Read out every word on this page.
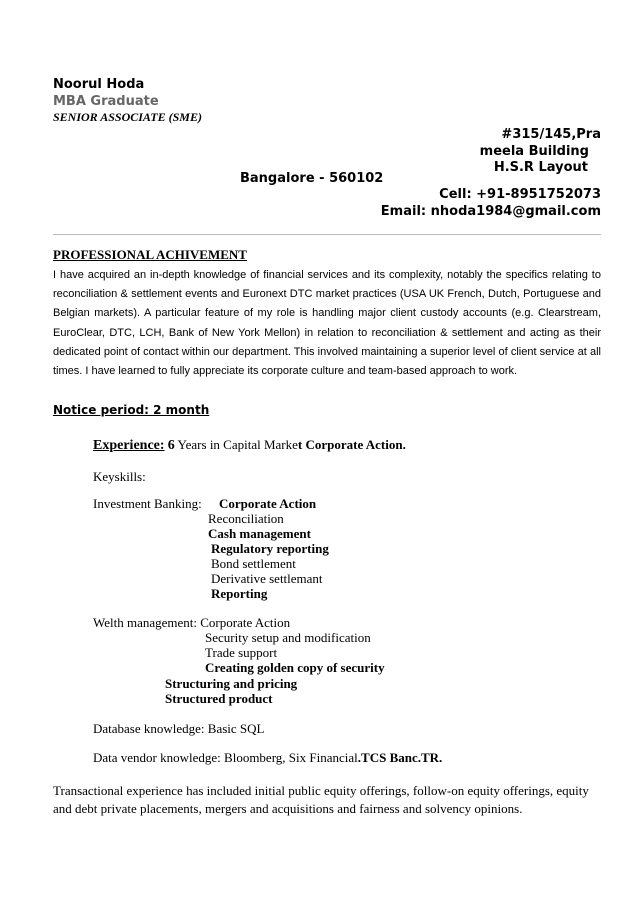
Noorul Hoda
MBA Graduate
SENIOR ASSOCIATE (SME)
#315/145,Pra
meela Building
H.S.R Layout
Bangalore - 560102
Cell: +91-8951752073
Email: nhoda1984@gmail.com
PROFESSIONAL ACHIVEMENT
I have acquired an in-depth knowledge of financial services and its complexity, notably the specifics relating to
reconciliation & settlement events and Euronext DTC market practices (USA UK French, Dutch, Portuguese and
Belgian markets). A particular feature of my role is handling major client custody accounts (e.g. Clearstream,
EuroClear, DTC, LCH, Bank of New York Mellon) in relation to reconciliation & settlement and acting as their
dedicated point of contact within our department. This involved maintaining a superior level of client service at all
times. I have learned to fully appreciate its corporate culture and team-based approach to work.
Notice period: 2 month
Experience: 6 Years in Capital Market Corporate Action.
Keyskills:
Investment Banking: Corporate Action
Reconciliation
Cash management
Regulatory reporting
Bond settlement
Derivative settlemant
Reporting
Welth management: Corporate Action
Security setup and modification
Trade support
Creating golden copy of security
Structuring and pricing
Structured product
Database knowledge: Basic SQL
Data vendor knowledge: Bloomberg, Six Financial.TCS Banc.TR.
Transactional experience has included initial public equity offerings, follow-on equity offerings, equity and debt private placements, mergers and acquisitions and fairness and solvency opinions.
